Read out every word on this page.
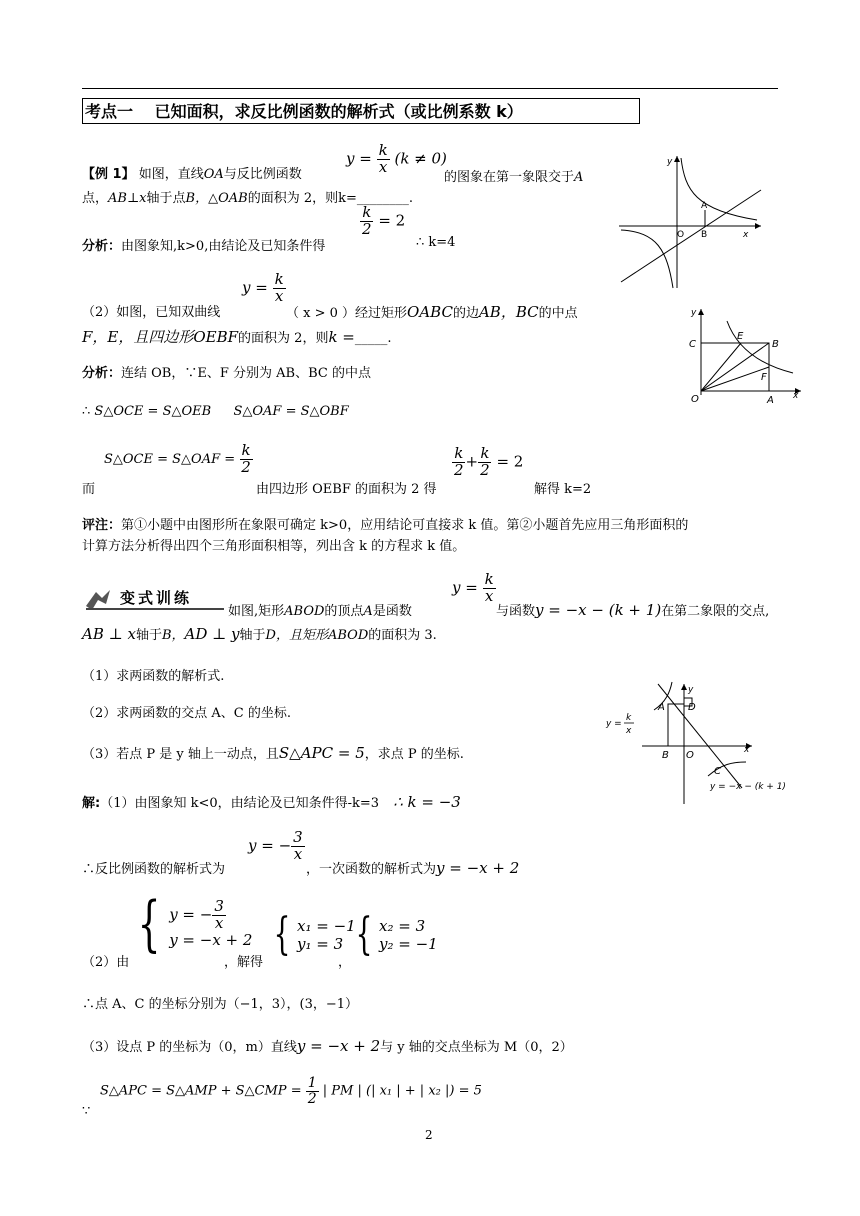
考点一　 已知面积，求反比例函数的解析式（或比例系数 k）
【例 1】 如图，直线OA与反比例函数
$y = \frac{k}{x} (k \ne 0)$
的图象在第一象限交于A
点，AB⊥x轴于点B，△OAB的面积为 2，则k=________.
y
A
O B	x
分析：由图象知,k>0,由结论及已知条件得
$\frac{k}{2} = 2$
∴ k=4
（2）如图，已知双曲线
$y = \frac{k}{x}$
（ x > 0 ）经过矩形OABC的边AB，BC的中点
F，E，且四边形OEBF的面积为 2，则k =_____.
y
C
E
B
F
O	A x
分析：连结 OB，∵E、F 分别为 AB、BC 的中点
∴ S△OCE = S△OEB S△OAF = S△OBF
而
S△OCE = S△OAF = $\frac{k}{2}$
由四边形 OEBF 的面积为 2 得
$\frac{k}{2} + \frac{k}{2} = 2$
解得 k=2
评注：第①小题中由图形所在象限可确定 k>0，应用结论可直接求 k 值。第②小题首先应用三角形面积的
计算方法分析得出四个三角形面积相等，列出含 k 的方程求 k 值。
变式训练
如图,矩形ABOD的顶点A是函数
$y = \frac{k}{x}$
与函数y = −x − (k + 1)在第二象限的交点,
AB ⊥ x轴于B，AD ⊥ y轴于D，且矩形ABOD的面积为 3.
（1）求两函数的解析式.
（2）求两函数的交点 A、C 的坐标.
（3）若点 P 是 y 轴上一动点，且S△APC = 5，求点 P 的坐标.
y
A D
B O
C
x
y =
k
x
y = −x − (k + 1)
解:（1）由图象知 k<0，由结论及已知条件得-k=3 ∴ k = −3
∴反比例函数的解析式为
y = − $\frac{3}{x}$
，一次函数的解析式为y = −x + 2
（2）由
{ y = − $\frac{3}{x}$
y = −x + 2
，解得
{ x₁ = −1
y₁ = 3
，
{ x₂ = 3
y₂ = −1
∴点 A、C 的坐标分别为（−1，3），(3，−1）
（3）设点 P 的坐标为（0，m）直线y = −x + 2与 y 轴的交点坐标为 M（0，2）
∵
S△APC = S△AMP + S△CMP = $\frac{1}{2}$ | PM | (| x₁ | + | x₂ |) = 5
2
